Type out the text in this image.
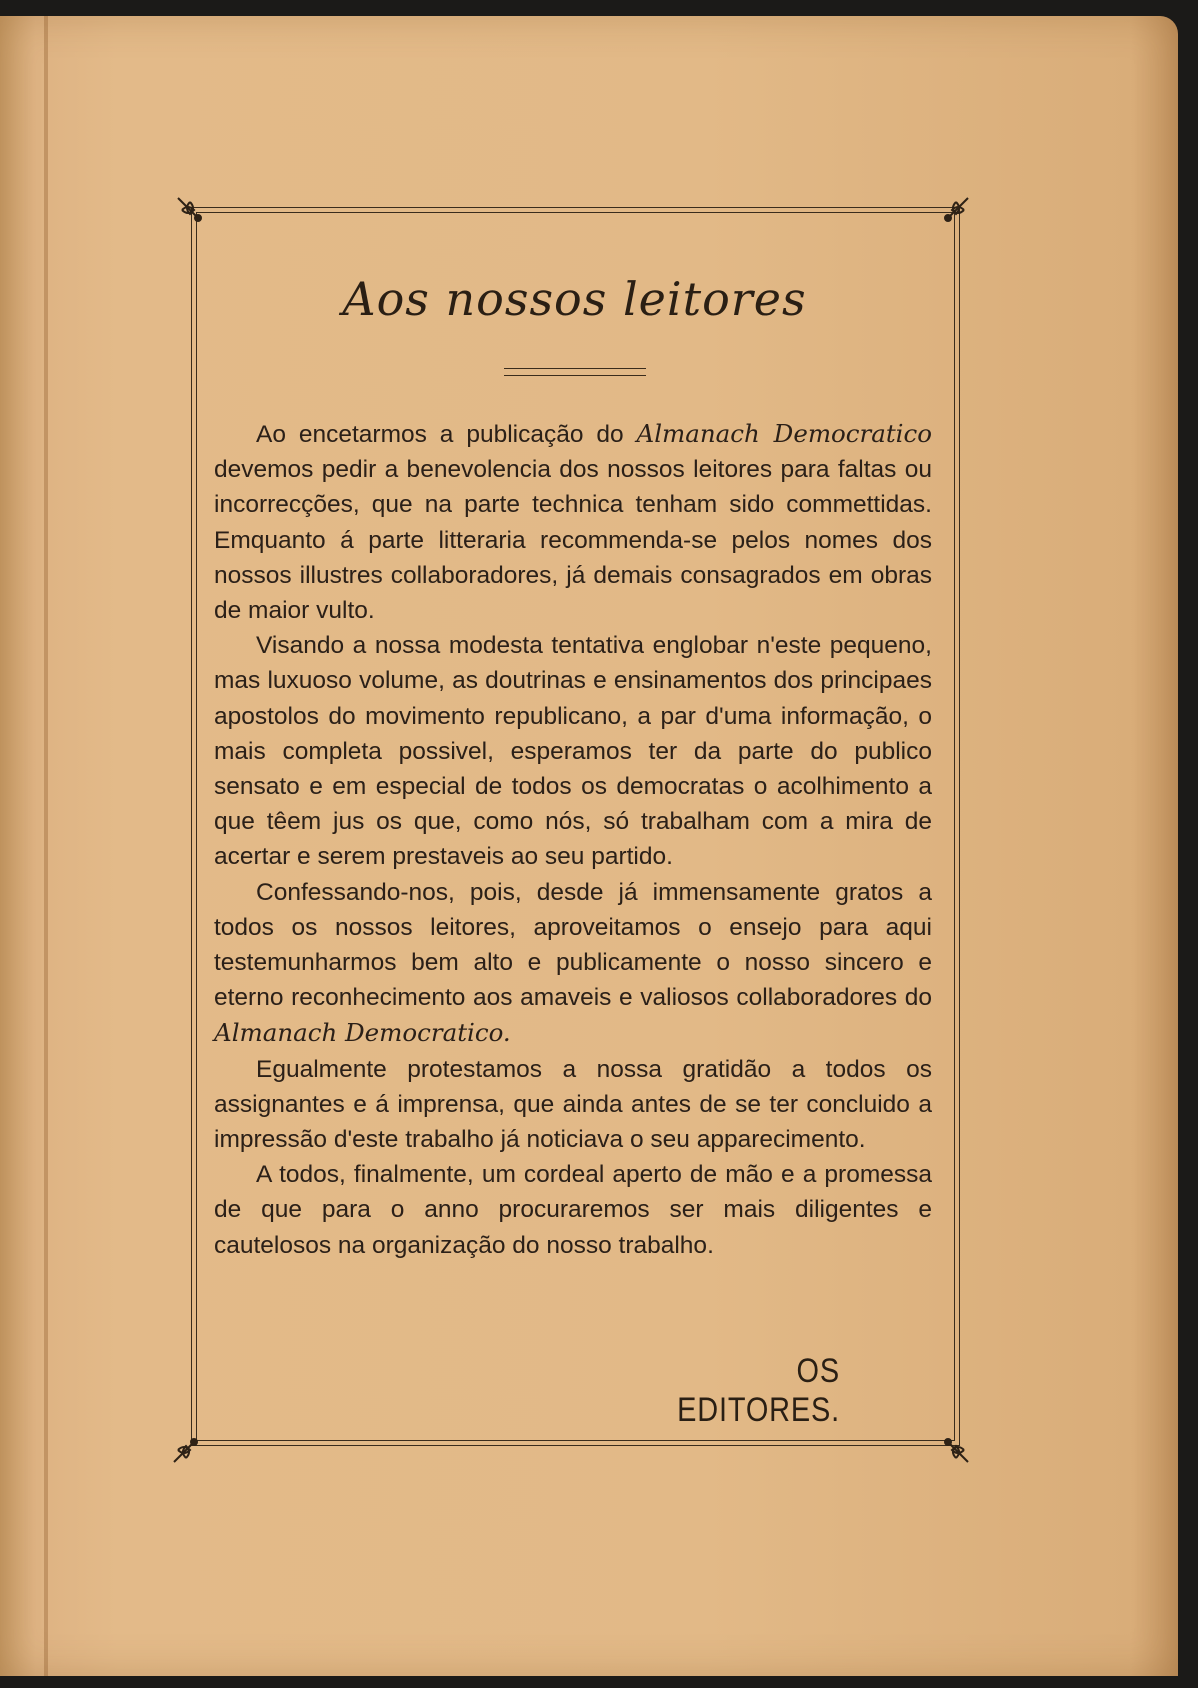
Aos nossos leitores

Ao encetarmos a publicação do Almanach Democratico devemos pedir a benevolencia dos nossos leitores para faltas ou incorrecções, que na parte technica tenham sido commettidas. Emquanto á parte litteraria recommenda-se pelos nomes dos nossos illustres collaboradores, já demais consagrados em obras de maior vulto.

Visando a nossa modesta tentativa englobar n'este pequeno, mas luxuoso volume, as doutrinas e ensinamentos dos principaes apostolos do movimento republicano, a par d'uma informação, o mais completa possivel, esperamos ter da parte do publico sensato e em especial de todos os democratas o acolhimento a que têem jus os que, como nós, só trabalham com a mira de acertar e serem prestaveis ao seu partido.

Confessando-nos, pois, desde já immensamente gratos a todos os nossos leitores, aproveitamos o ensejo para aqui testemunharmos bem alto e publicamente o nosso sincero e eterno reconhecimento aos amaveis e valiosos collaboradores do Almanach Democratico.

Egualmente protestamos a nossa gratidão a todos os assignantes e á imprensa, que ainda antes de se ter concluido a impressão d'este trabalho já noticiava o seu apparecimento.

A todos, finalmente, um cordeal aperto de mão e a promessa de que para o anno procuraremos ser mais diligentes e cautelosos na organização do nosso trabalho.

OS EDITORES.
